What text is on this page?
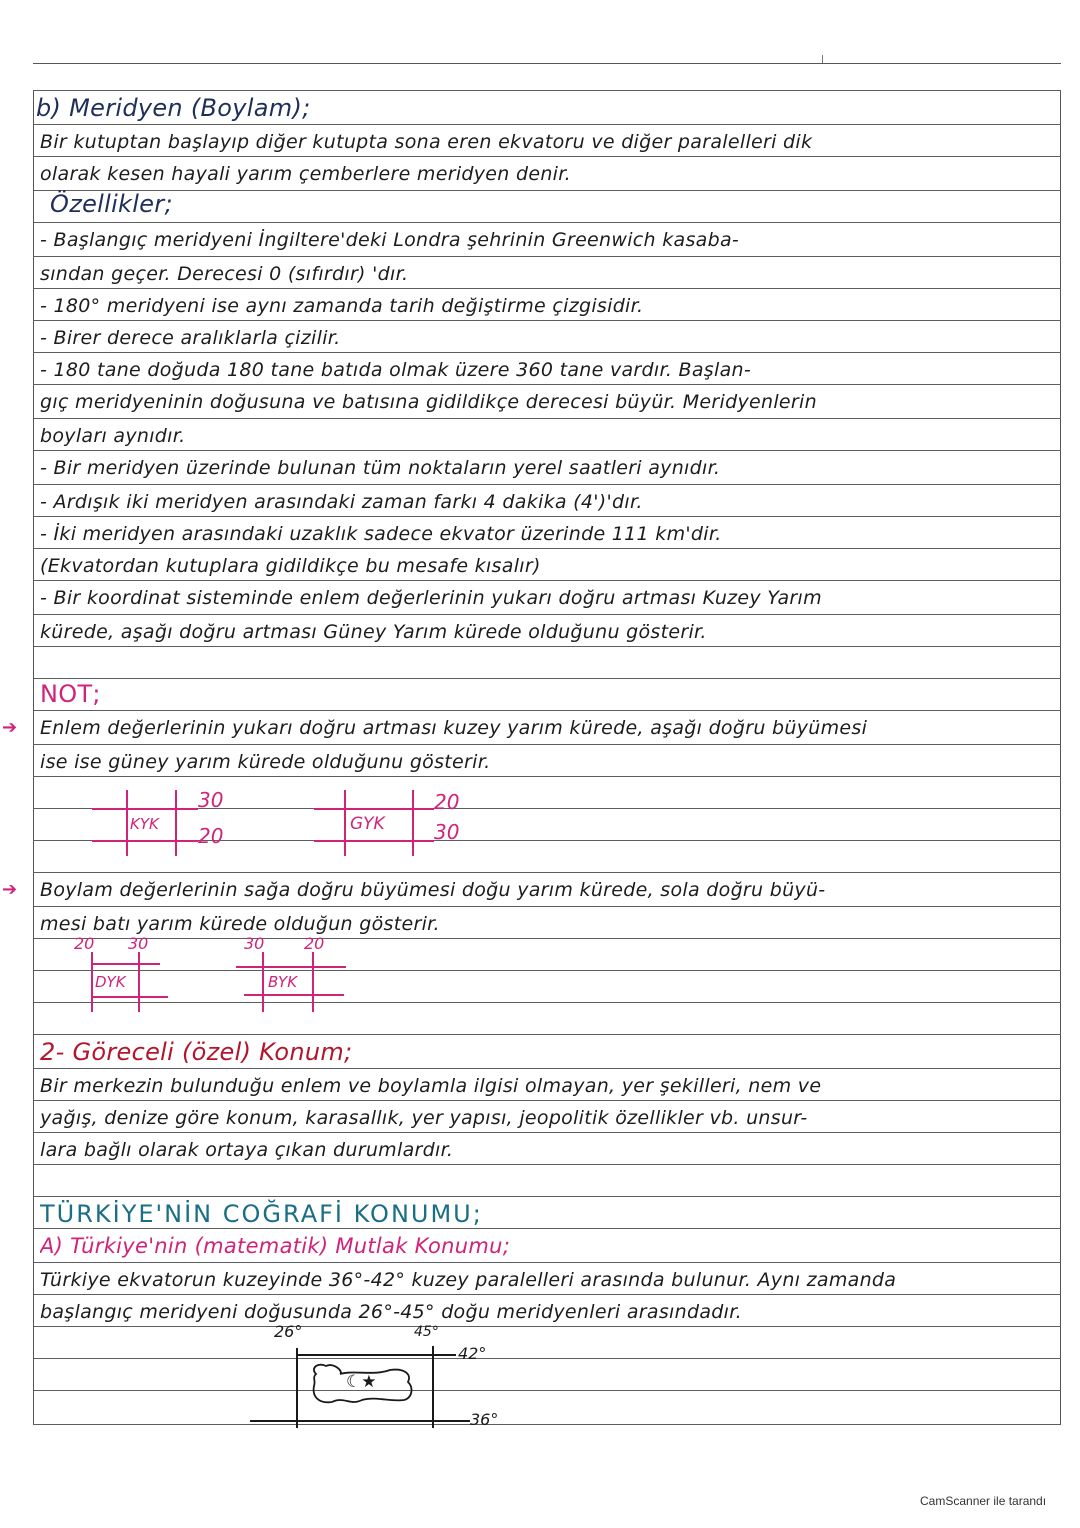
b) Meridyen (Boylam);
Bir kutuptan başlayıp diğer kutupta sona eren ekvatoru ve diğer paralelleri dik
olarak kesen hayali yarım çemberlere meridyen denir.
Özellikler;
- Başlangıç meridyeni İngiltere'deki Londra şehrinin Greenwich kasaba-
sından geçer. Derecesi 0 (sıfırdır) 'dır.
- 180° meridyeni ise aynı zamanda tarih değiştirme çizgisidir.
- Birer derece aralıklarla çizilir.
- 180 tane doğuda 180 tane batıda olmak üzere 360 tane vardır. Başlan-
gıç meridyeninin doğusuna ve batısına gidildikçe derecesi büyür. Meridyenlerin
boyları aynıdır.
- Bir meridyen üzerinde bulunan tüm noktaların yerel saatleri aynıdır.
- Ardışık iki meridyen arasındaki zaman farkı 4 dakika (4')'dır.
- İki meridyen arasındaki uzaklık sadece ekvator üzerinde 111 km'dir.
(Ekvatordan kutuplara gidildikçe bu mesafe kısalır)
- Bir koordinat sisteminde enlem değerlerinin yukarı doğru artması Kuzey Yarım
kürede, aşağı doğru artması Güney Yarım kürede olduğunu gösterir.
NOT;
➔ Enlem değerlerinin yukarı doğru artması kuzey yarım kürede, aşağı doğru büyümesi
ise ise güney yarım kürede olduğunu gösterir.
KYK
30
20	GYK
20
30
➔ Boylam değerlerinin sağa doğru büyümesi doğu yarım kürede, sola doğru büyü-
mesi batı yarım kürede olduğun gösterir.
20 30
DYK
30 20
BYK
2- Göreceli (özel) Konum;
Bir merkezin bulunduğu enlem ve boylamla ilgisi olmayan, yer şekilleri, nem ve
yağış, denize göre konum, karasallık, yer yapısı, jeopolitik özellikler vb. unsur-
lara bağlı olarak ortaya çıkan durumlardır.
TÜRKİYE'NİN COĞRAFİ KONUMU;
A) Türkiye'nin (matematik) Mutlak Konumu;
Türkiye ekvatorun kuzeyinde 36°-42° kuzey paralelleri arasında bulunur. Aynı zamanda
başlangıç meridyeni doğusunda 26°-45° doğu meridyenleri arasındadır.
26°	45°
42°
36°
☾★
CamScanner ile tarandı
